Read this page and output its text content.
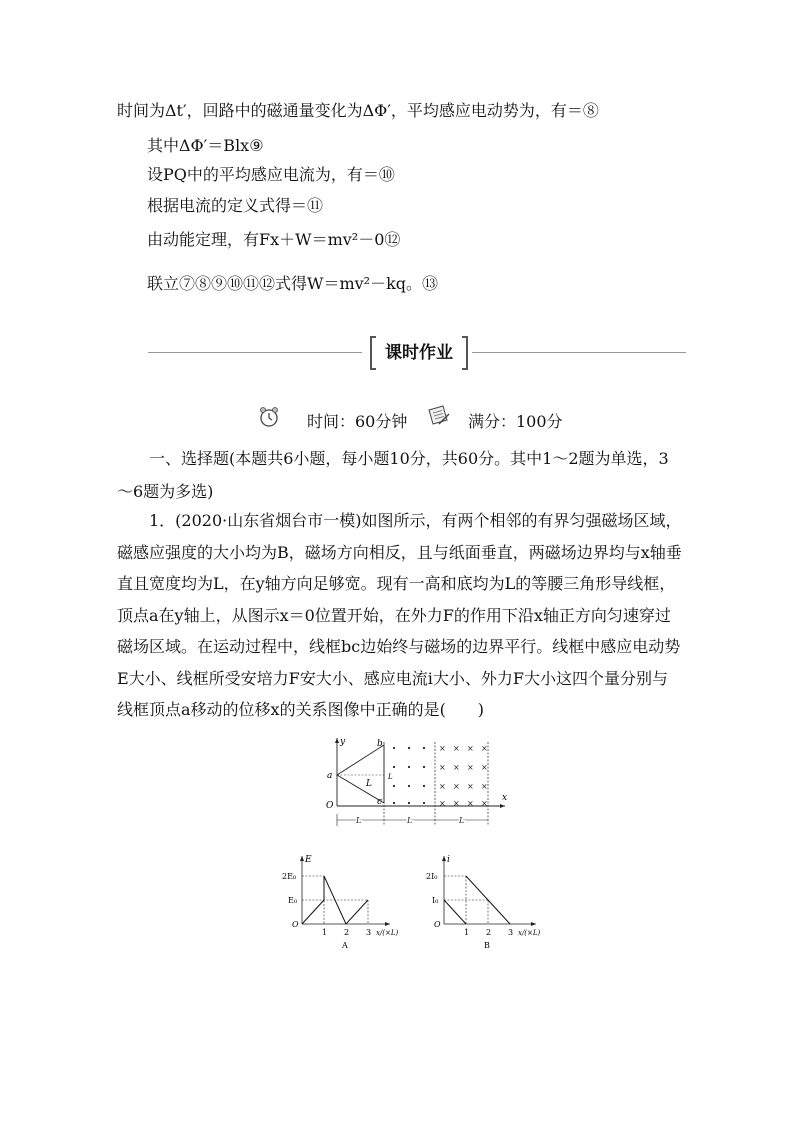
时间为Δt′，回路中的磁通量变化为ΔΦ′，平均感应电动势为，有＝⑧
其中ΔΦ′＝Blx⑨
设PQ中的平均感应电流为，有＝⑩
根据电流的定义式得＝⑪
由动能定理，有Fx＋W＝mv²－0⑫
联立⑦⑧⑨⑩⑪⑫式得W＝mv²－kq。⑬
课时作业
时间：60分钟	满分：100分
一、选择题(本题共6小题，每小题10分，共60分。其中1～2题为单选，3～6题为多选)
1．(2020·山东省烟台市一模)如图所示，有两个相邻的有界匀强磁场区域，磁感应强度的大小均为B，磁场方向相反，且与纸面垂直，两磁场边界均与x轴垂直且宽度均为L，在y轴方向足够宽。现有一高和底均为L的等腰三角形导线框，顶点a在y轴上，从图示x＝0位置开始，在外力F的作用下沿x轴正方向匀速穿过磁场区域。在运动过程中，线框bc边始终与磁场的边界平行。线框中感应电动势E大小、线框所受安培力F安大小、感应电流i大小、外力F大小这四个量分别与线框顶点a移动的位移x的关系图像中正确的是(　　)
y
x
O
a
b
c
L
L
× × × ×
× × × ×
× × × ×
× × × ×
L	L	L
E
O
2E₀
E₀
1 2 3 x/(×L)
A
i
O
2I₀
I₀
1 2 3 x/(×L)
B
